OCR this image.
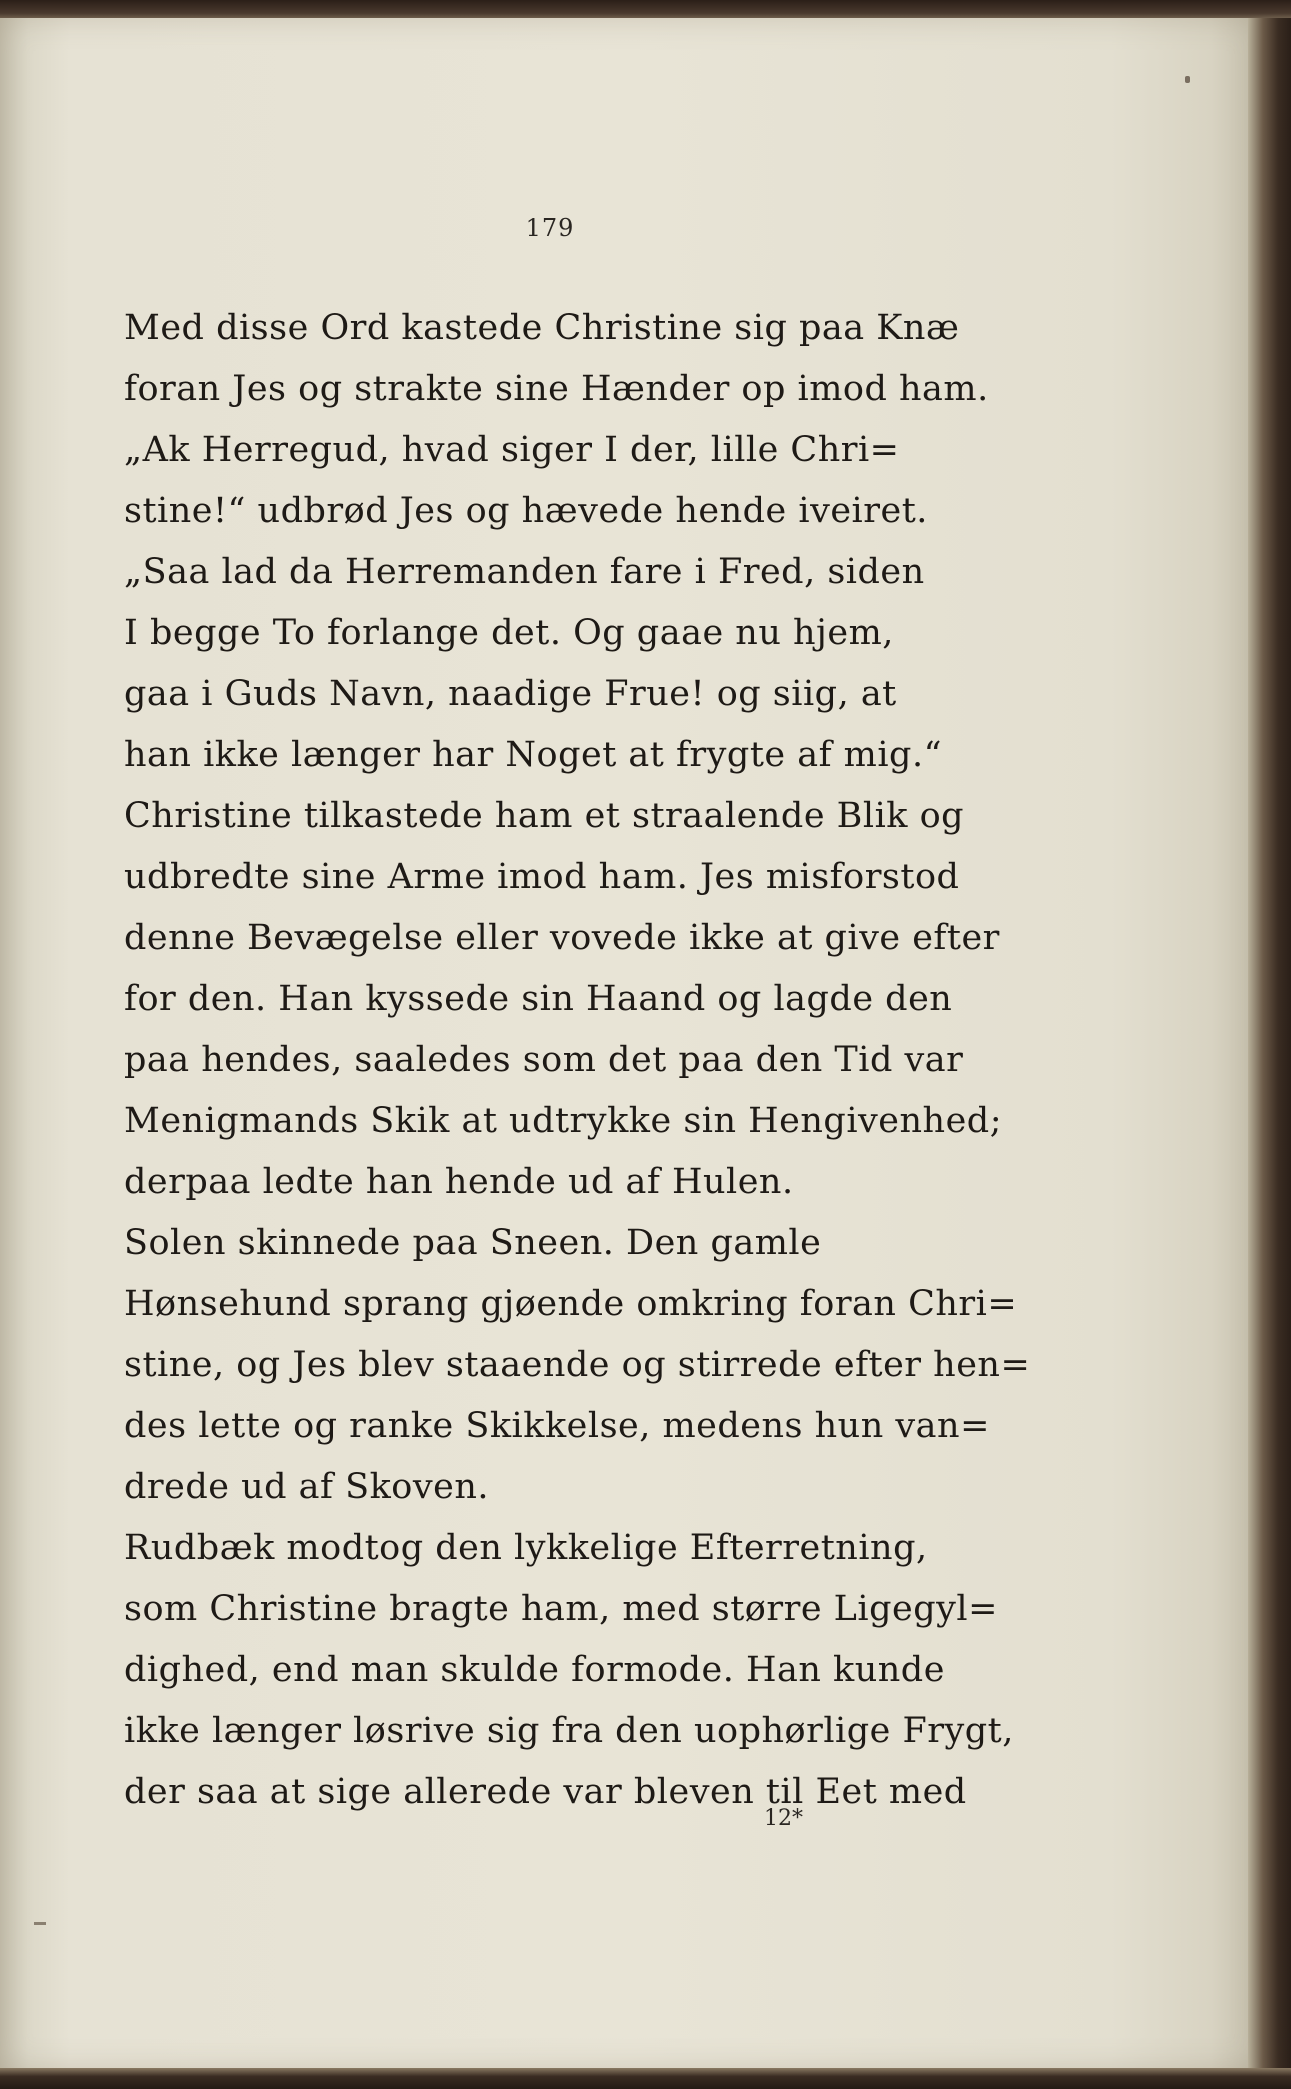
179
Med disse Ord kastede Christine sig paa Knæ
foran Jes og strakte sine Hænder op imod ham.
„Ak Herregud, hvad siger I der, lille Chri=
stine!“ udbrød Jes og hævede hende iveiret.
„Saa lad da Herremanden fare i Fred, siden
I begge To forlange det. Og gaae nu hjem,
gaa i Guds Navn, naadige Frue! og siig, at
han ikke længer har Noget at frygte af mig.“
Christine tilkastede ham et straalende Blik og
udbredte sine Arme imod ham. Jes misforstod
denne Bevægelse eller vovede ikke at give efter
for den. Han kyssede sin Haand og lagde den
paa hendes, saaledes som det paa den Tid var
Menigmands Skik at udtrykke sin Hengivenhed;
derpaa ledte han hende ud af Hulen.
Solen skinnede paa Sneen. Den gamle
Hønsehund sprang gjøende omkring foran Chri=
stine, og Jes blev staaende og stirrede efter hen=
des lette og ranke Skikkelse, medens hun van=
drede ud af Skoven.
Rudbæk modtog den lykkelige Efterretning,
som Christine bragte ham, med større Ligegyl=
dighed, end man skulde formode. Han kunde
ikke længer løsrive sig fra den uophørlige Frygt,
der saa at sige allerede var bleven til Eet med
12*
